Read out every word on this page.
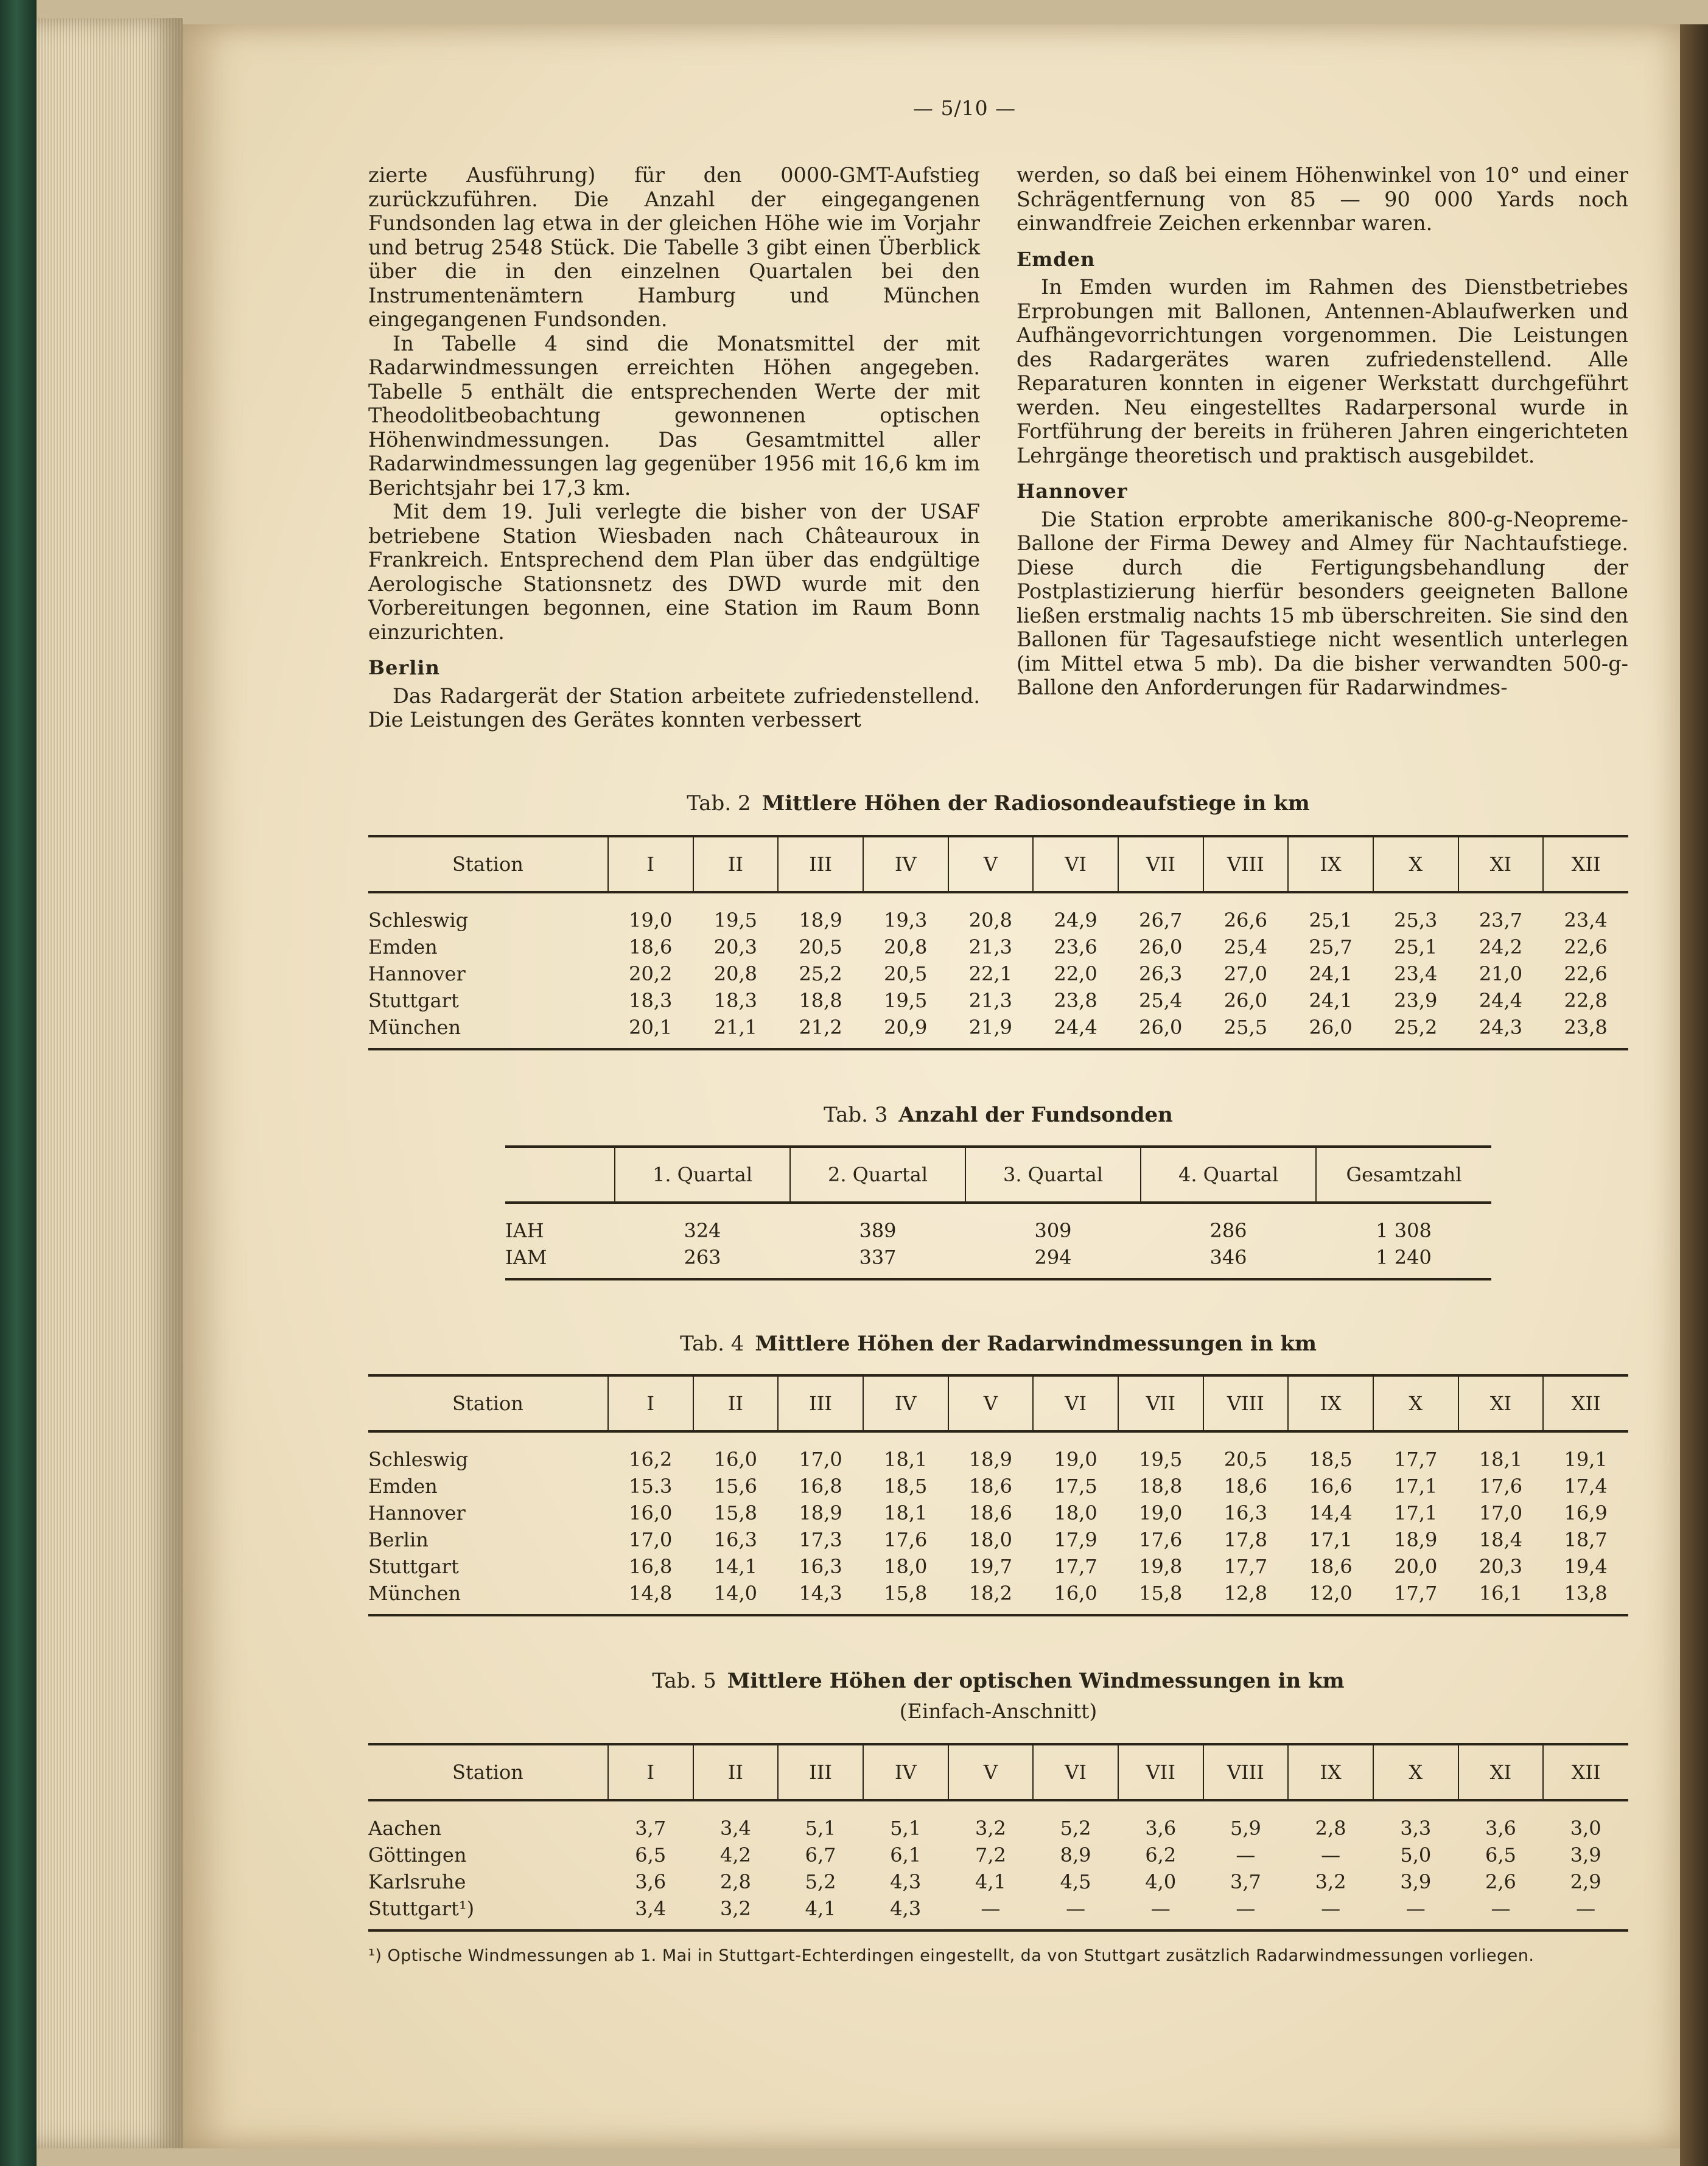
— 5/10 —

zierte Ausführung) für den 0000-GMT-Aufstieg zurückzuführen. Die Anzahl der eingegangenen Fundsonden lag etwa in der gleichen Höhe wie im Vorjahr und betrug 2548 Stück. Die Tabelle 3 gibt einen Überblick über die in den einzelnen Quartalen bei den Instrumentenämtern Hamburg und München eingegangenen Fundsonden.

In Tabelle 4 sind die Monatsmittel der mit Radarwindmessungen erreichten Höhen angegeben. Tabelle 5 enthält die entsprechenden Werte der mit Theodolitbeobachtung gewonnenen optischen Höhenwindmessungen. Das Gesamtmittel aller Radarwindmessungen lag gegenüber 1956 mit 16,6 km im Berichtsjahr bei 17,3 km.

Mit dem 19. Juli verlegte die bisher von der USAF betriebene Station Wiesbaden nach Châteauroux in Frankreich. Entsprechend dem Plan über das endgültige Aerologische Stationsnetz des DWD wurde mit den Vorbereitungen begonnen, eine Station im Raum Bonn einzurichten.

Berlin

Das Radargerät der Station arbeitete zufriedenstellend. Die Leistungen des Gerätes konnten verbessert

werden, so daß bei einem Höhenwinkel von 10° und einer Schrägentfernung von 85 — 90 000 Yards noch einwandfreie Zeichen erkennbar waren.

Emden

In Emden wurden im Rahmen des Dienstbetriebes Erprobungen mit Ballonen, Antennen-Ablaufwerken und Aufhängevorrichtungen vorgenommen. Die Leistungen des Radargerätes waren zufriedenstellend. Alle Reparaturen konnten in eigener Werkstatt durchgeführt werden. Neu eingestelltes Radarpersonal wurde in Fortführung der bereits in früheren Jahren eingerichteten Lehrgänge theoretisch und praktisch ausgebildet.

Hannover

Die Station erprobte amerikanische 800-g-Neopreme-Ballone der Firma Dewey and Almey für Nachtaufstiege. Diese durch die Fertigungsbehandlung der Postplastizierung hierfür besonders geeigneten Ballone ließen erstmalig nachts 15 mb überschreiten. Sie sind den Ballonen für Tagesaufstiege nicht wesentlich unterlegen (im Mittel etwa 5 mb). Da die bisher verwandten 500-g-Ballone den Anforderungen für Radarwindmes-

Tab. 2 Mittlere Höhen der Radiosondeaufstiege in km
Station	I	II	III	IV	V	VI	VII	VIII	IX	X	XI	XII

Schleswig	19,0	19,5	18,9	19,3	20,8	24,9	26,7	26,6	25,1	25,3	23,7	23,4
Emden	18,6	20,3	20,5	20,8	21,3	23,6	26,0	25,4	25,7	25,1	24,2	22,6
Hannover	20,2	20,8	25,2	20,5	22,1	22,0	26,3	27,0	24,1	23,4	21,0	22,6
Stuttgart	18,3	18,3	18,8	19,5	21,3	23,8	25,4	26,0	24,1	23,9	24,4	22,8
München	20,1	21,1	21,2	20,9	21,9	24,4	26,0	25,5	26,0	25,2	24,3	23,8
Tab. 3 Anzahl der Fundsonden
	1. Quartal	2. Quartal	3. Quartal	4. Quartal	Gesamtzahl

IAH	324	389	309	286	1 308
IAM	263	337	294	346	1 240
Tab. 4 Mittlere Höhen der Radarwindmessungen in km
Station	I	II	III	IV	V	VI	VII	VIII	IX	X	XI	XII

Schleswig	16,2	16,0	17,0	18,1	18,9	19,0	19,5	20,5	18,5	17,7	18,1	19,1
Emden	15.3	15,6	16,8	18,5	18,6	17,5	18,8	18,6	16,6	17,1	17,6	17,4
Hannover	16,0	15,8	18,9	18,1	18,6	18,0	19,0	16,3	14,4	17,1	17,0	16,9
Berlin	17,0	16,3	17,3	17,6	18,0	17,9	17,6	17,8	17,1	18,9	18,4	18,7
Stuttgart	16,8	14,1	16,3	18,0	19,7	17,7	19,8	17,7	18,6	20,0	20,3	19,4
München	14,8	14,0	14,3	15,8	18,2	16,0	15,8	12,8	12,0	17,7	16,1	13,8
Tab. 5 Mittlere Höhen der optischen Windmessungen in km
(Einfach-Anschnitt)
Station	I	II	III	IV	V	VI	VII	VIII	IX	X	XI	XII

Aachen	3,7	3,4	5,1	5,1	3,2	5,2	3,6	5,9	2,8	3,3	3,6	3,0
Göttingen	6,5	4,2	6,7	6,1	7,2	8,9	6,2	—	—	5,0	6,5	3,9
Karlsruhe	3,6	2,8	5,2	4,3	4,1	4,5	4,0	3,7	3,2	3,9	2,6	2,9
Stuttgart¹)	3,4	3,2	4,1	4,3	—	—	—	—	—	—	—	—
¹) Optische Windmessungen ab 1. Mai in Stuttgart-Echterdingen eingestellt, da von Stuttgart zusätzlich Radarwindmessungen vorliegen.
